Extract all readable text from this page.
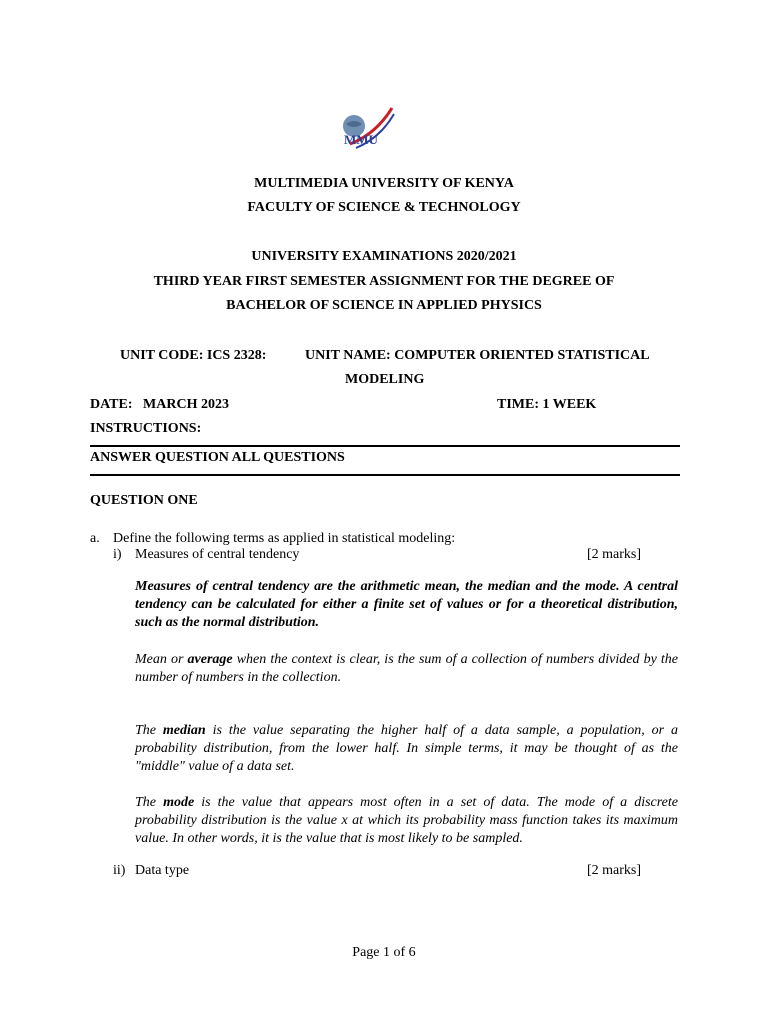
MMU
MULTIMEDIA UNIVERSITY OF KENYA
FACULTY OF SCIENCE & TECHNOLOGY
UNIVERSITY EXAMINATIONS 2020/2021
THIRD YEAR FIRST SEMESTER ASSIGNMENT FOR THE DEGREE OF
BACHELOR OF SCIENCE IN APPLIED PHYSICS
UNIT CODE: ICS 2328:	UNIT NAME: COMPUTER ORIENTED STATISTICAL
MODELING
DATE:   MARCH 2023	TIME: 1 WEEK
INSTRUCTIONS:
ANSWER QUESTION ALL QUESTIONS
QUESTION ONE
a. Define the following terms as applied in statistical modeling:
i) Measures of central tendency	[2 marks]
Measures of central tendency are the arithmetic mean, the median and the mode. A central tendency can be calculated for either a finite set of values or for a theoretical distribution, such as the normal distribution.
Mean or average when the context is clear, is the sum of a collection of numbers divided by the number of numbers in the collection.
The median is the value separating the higher half of a data sample, a population, or a probability distribution, from the lower half. In simple terms, it may be thought of as the "middle" value of a data set.
The mode is the value that appears most often in a set of data. The mode of a discrete probability distribution is the value x at which its probability mass function takes its maximum value. In other words, it is the value that is most likely to be sampled.
ii) Data type	[2 marks]
Page 1 of 6
